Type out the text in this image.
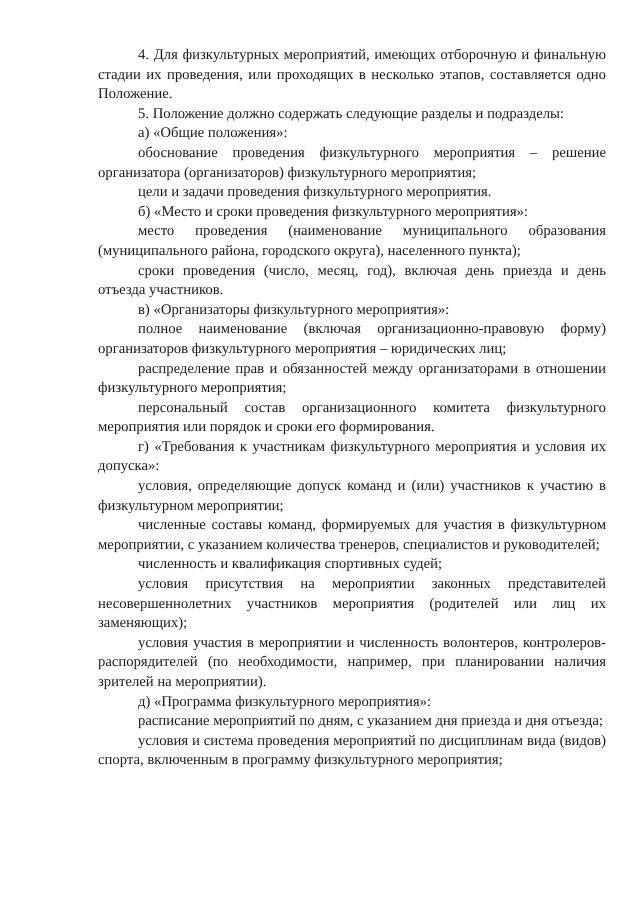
4. Для физкультурных мероприятий, имеющих отборочную и финальную стадии их проведения, или проходящих в несколько этапов, составляется одно Положение.

5. Положение должно содержать следующие разделы и подразделы:

а) «Общие положения»:

обоснование проведения физкультурного мероприятия – решение организатора (организаторов) физкультурного мероприятия;

цели и задачи проведения физкультурного мероприятия.

б) «Место и сроки проведения физкультурного мероприятия»:

место проведения (наименование муниципального образования (муниципального района, городского округа), населенного пункта);

сроки проведения (число, месяц, год), включая день приезда и день отъезда участников.

в) «Организаторы физкультурного мероприятия»:

полное наименование (включая организационно-правовую форму) организаторов физкультурного мероприятия – юридических лиц;

распределение прав и обязанностей между организаторами в отношении физкультурного мероприятия;

персональный состав организационного комитета физкультурного мероприятия или порядок и сроки его формирования.

г) «Требования к участникам физкультурного мероприятия и условия их допуска»:

условия, определяющие допуск команд и (или) участников к участию в физкультурном мероприятии;

численные составы команд, формируемых для участия в физкультурном мероприятии, с указанием количества тренеров, специалистов и руководителей;

численность и квалификация спортивных судей;

условия присутствия на мероприятии законных представителей несовершеннолетних участников мероприятия (родителей или лиц их заменяющих);

условия участия в мероприятии и численность волонтеров, контролеров-распорядителей (по необходимости, например, при планировании наличия зрителей на мероприятии).

д) «Программа физкультурного мероприятия»:

расписание мероприятий по дням, с указанием дня приезда и дня отъезда;

условия и система проведения мероприятий по дисциплинам вида (видов) спорта, включенным в программу физкультурного мероприятия;
